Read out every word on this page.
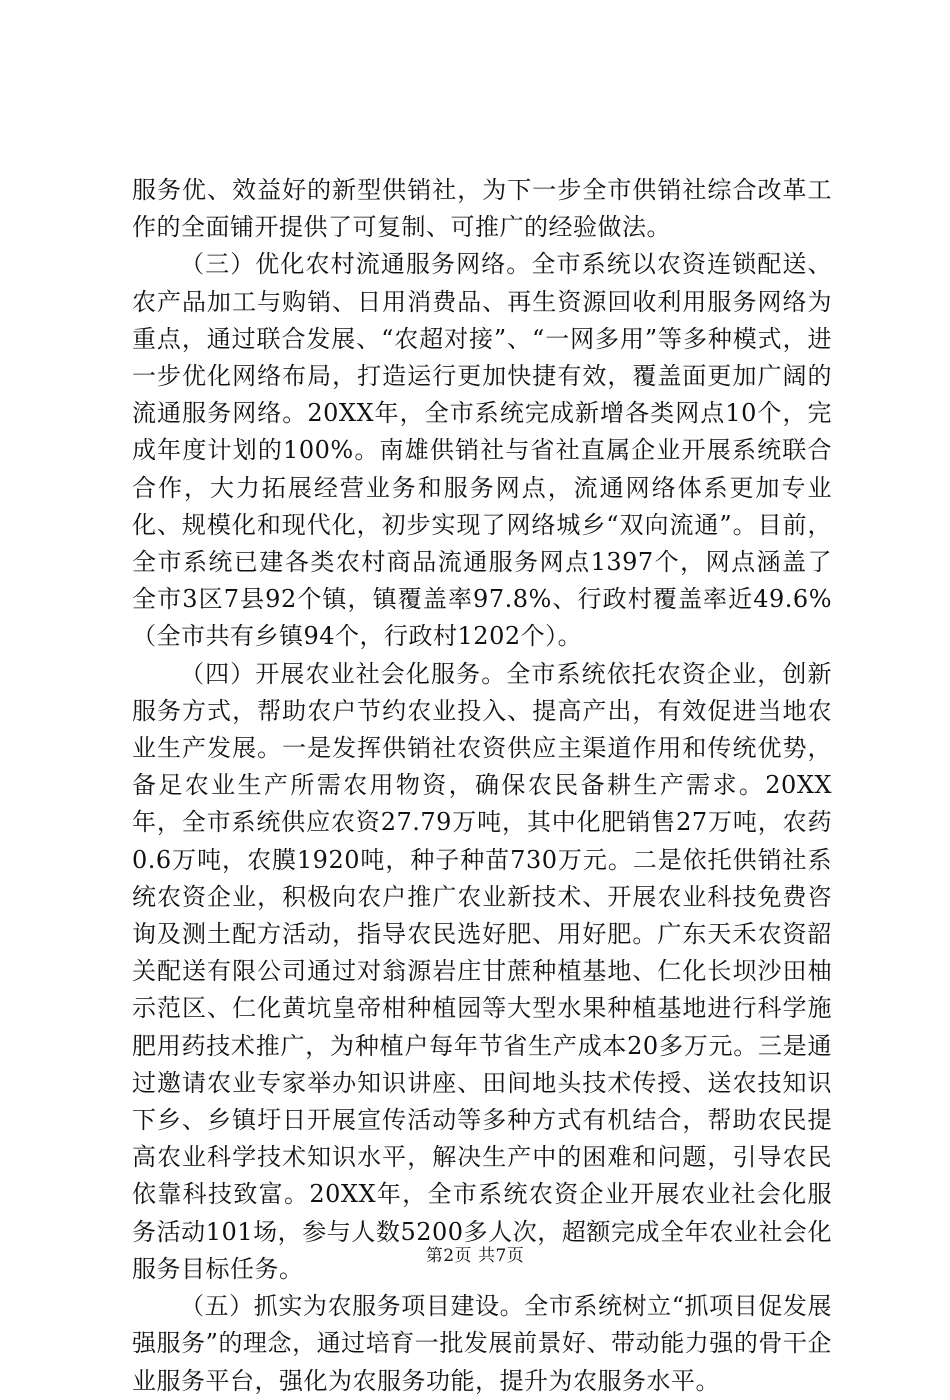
服务优、效益好的新型供销社，为下一步全市供销社综合改革工作的全面铺开提供了可复制、可推广的经验做法。

（三）优化农村流通服务网络。全市系统以农资连锁配送、农产品加工与购销、日用消费品、再生资源回收利用服务网络为重点，通过联合发展、“农超对接”、“一网多用”等多种模式，进一步优化网络布局，打造运行更加快捷有效，覆盖面更加广阔的流通服务网络。20XX年，全市系统完成新增各类网点10个，完成年度计划的100%。南雄供销社与省社直属企业开展系统联合合作，大力拓展经营业务和服务网点，流通网络体系更加专业化、规模化和现代化，初步实现了网络城乡“双向流通”。目前，全市系统已建各类农村商品流通服务网点1397个，网点涵盖了全市3区7县92个镇，镇覆盖率97.8%、行政村覆盖率近49.6%（全市共有乡镇94个，行政村1202个）。

（四）开展农业社会化服务。全市系统依托农资企业，创新服务方式，帮助农户节约农业投入、提高产出，有效促进当地农业生产发展。一是发挥供销社农资供应主渠道作用和传统优势，备足农业生产所需农用物资，确保农民备耕生产需求。20XX年，全市系统供应农资27.79万吨，其中化肥销售27万吨，农药0.6万吨，农膜1920吨，种子种苗730万元。二是依托供销社系统农资企业，积极向农户推广农业新技术、开展农业科技免费咨询及测土配方活动，指导农民选好肥、用好肥。广东天禾农资韶关配送有限公司通过对翁源岩庄甘蔗种植基地、仁化长坝沙田柚示范区、仁化黄坑皇帝柑种植园等大型水果种植基地进行科学施肥用药技术推广，为种植户每年节省生产成本20多万元。三是通过邀请农业专家举办知识讲座、田间地头技术传授、送农技知识下乡、乡镇圩日开展宣传活动等多种方式有机结合，帮助农民提高农业科学技术知识水平，解决生产中的困难和问题，引导农民依靠科技致富。20XX年，全市系统农资企业开展农业社会化服务活动101场，参与人数5200多人次，超额完成全年农业社会化服务目标任务。

（五）抓实为农服务项目建设。全市系统树立“抓项目促发展强服务”的理念，通过培育一批发展前景好、带动能力强的骨干企业服务平台，强化为农服务功能，提升为农服务水平。

第2页 共7页
